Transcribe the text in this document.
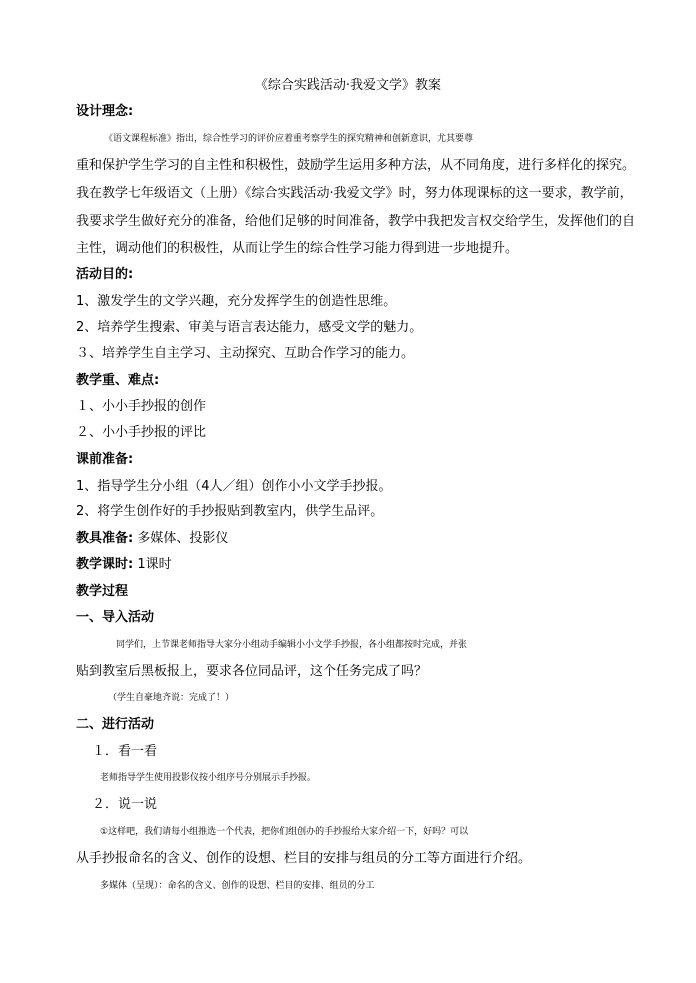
《综合实践活动·我爱文学》教案
设计理念:
《语文课程标准》指出，综合性学习的评价应着重考察学生的探究精神和创新意识，尤其要尊
重和保护学生学习的自主性和积极性，鼓励学生运用多种方法，从不同角度，进行多样化的探究。
我在教学七年级语文（上册）《综合实践活动·我爱文学》时，努力体现课标的这一要求，教学前，
我要求学生做好充分的准备，给他们足够的时间准备，教学中我把发言权交给学生，发挥他们的自
主性，调动他们的积极性，从而让学生的综合性学习能力得到进一步地提升。
活动目的:
1、激发学生的文学兴趣，充分发挥学生的创造性思维。
2、培养学生搜索、审美与语言表达能力，感受文学的魅力。
３、培养学生自主学习、主动探究、互助合作学习的能力。
教学重、难点:
１、小小手抄报的创作
２、小小手抄报的评比
课前准备:
1、指导学生分小组（4人／组）创作小小文学手抄报。
2、将学生创作好的手抄报贴到教室内，供学生品评。
教具准备: 多媒体、投影仪
教学课时: 1课时
教学过程
一、导入活动
同学们，上节课老师指导大家分小组动手编辑小小文学手抄报，各小组都按时完成，并张
贴到教室后黑板报上，要求各位同品评，这个任务完成了吗？
（学生自豪地齐说：完成了！）
二、进行活动
１．看一看
老师指导学生使用投影仪按小组序号分别展示手抄报。
２．说一说
①这样吧，我们请每小组推选一个代表，把你们组创办的手抄报给大家介绍一下，好吗？可以
从手抄报命名的含义、创作的设想、栏目的安排与组员的分工等方面进行介绍。
多媒体（呈现）：命名的含义、创作的设想、栏目的安排、组员的分工
